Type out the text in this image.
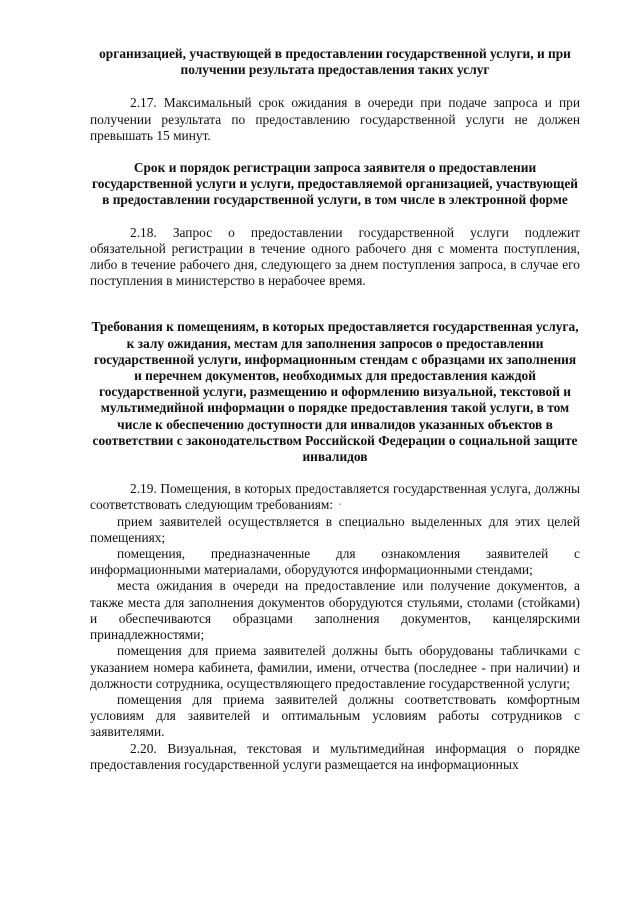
организацией, участвующей в предоставлении государственной услуги, и при получении результата предоставления таких услуг

2.17. Максимальный срок ожидания в очереди при подаче запроса и при получении результата по предоставлению государственной услуги не должен превышать 15 минут.

Срок и порядок регистрации запроса заявителя о предоставлении государственной услуги и услуги, предоставляемой организацией, участвующей в предоставлении государственной услуги, в том числе в электронной форме

2.18. Запрос о предоставлении государственной услуги подлежит обязательной регистрации в течение одного рабочего дня с момента поступления, либо в течение рабочего дня, следующего за днем поступления запроса, в случае его поступления в министерство в нерабочее время.

Требования к помещениям, в которых предоставляется государственная услуга, к залу ожидания, местам для заполнения запросов о предоставлении государственной услуги, информационным стендам с образцами их заполнения и перечнем документов, необходимых для предоставления каждой государственной услуги, размещению и оформлению визуальной, текстовой и мультимедийной информации о порядке предоставления такой услуги, в том числе к обеспечению доступности для инвалидов указанных объектов в соответствии с законодательством Российской Федерации о социальной защите инвалидов

2.19. Помещения, в которых предоставляется государственная услуга, должны соответствовать следующим требованиям: ·

прием заявителей осуществляется в специально выделенных для этих целей помещениях;

помещения, предназначенные для ознакомления заявителей с информационными материалами, оборудуются информационными стендами;

места ожидания в очереди на предоставление или получение документов, а также места для заполнения документов оборудуются стульями, столами (стойками) и обеспечиваются образцами заполнения документов, канцелярскими принадлежностями;

помещения для приема заявителей должны быть оборудованы табличками с указанием номера кабинета, фамилии, имени, отчества (последнее - при наличии) и должности сотрудника, осуществляющего предоставление государственной услуги;

помещения для приема заявителей должны соответствовать комфортным условиям для заявителей и оптимальным условиям работы сотрудников с заявителями.

2.20. Визуальная, текстовая и мультимедийная информация о порядке предоставления государственной услуги размещается на информационных
